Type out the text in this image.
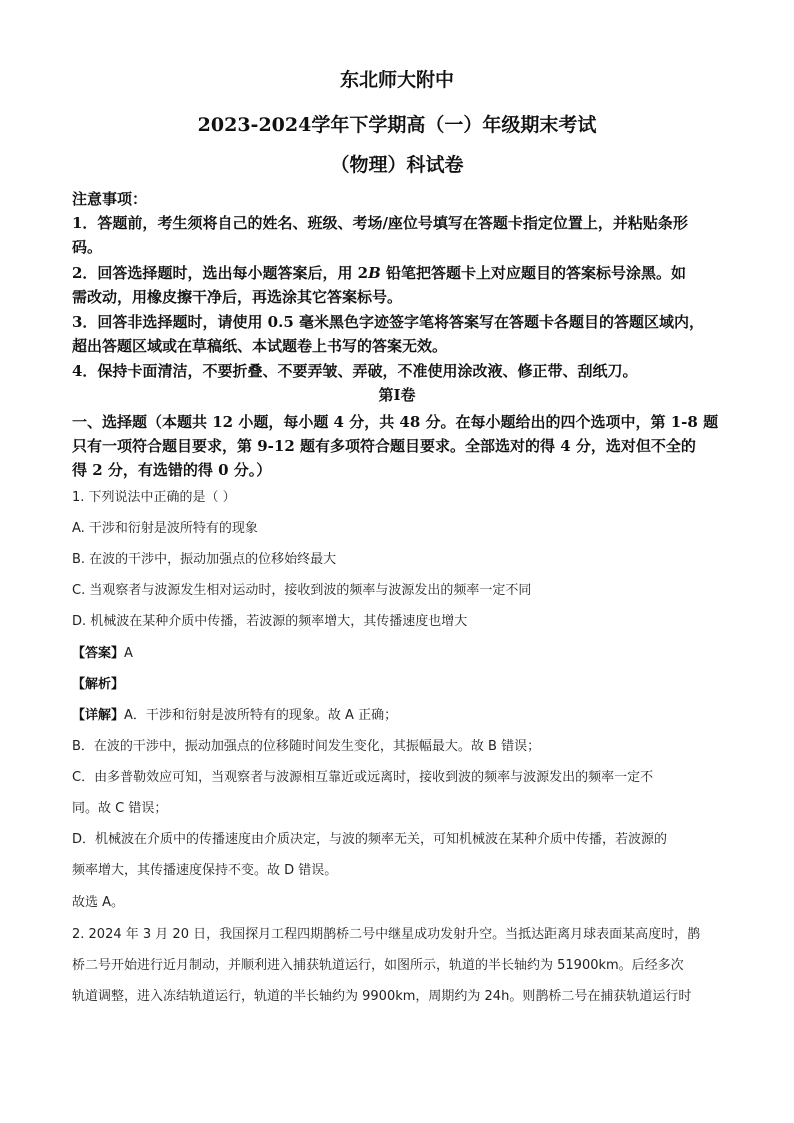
东北师大附中
2023-2024学年下学期高（一）年级期末考试
（物理）科试卷
注意事项：
1．答题前，考生须将自己的姓名、班级、考场/座位号填写在答题卡指定位置上，并粘贴条形
码。
2．回答选择题时，选出每小题答案后，用 2B 铅笔把答题卡上对应题目的答案标号涂黑。如
需改动，用橡皮擦干净后，再选涂其它答案标号。
3．回答非选择题时，请使用 0.5 毫米黑色字迹签字笔将答案写在答题卡各题目的答题区域内，
超出答题区域或在草稿纸、本试题卷上书写的答案无效。
4．保持卡面清洁，不要折叠、不要弄皱、弄破，不准使用涂改液、修正带、刮纸刀。
第Ⅰ卷
一、选择题（本题共 12 小题，每小题 4 分，共 48 分。在每小题给出的四个选项中，第 1-8 题
只有一项符合题目要求，第 9-12 题有多项符合题目要求。全部选对的得 4 分，选对但不全的
得 2 分，有选错的得 0 分。）
1. 下列说法中正确的是（ ）
A. 干涉和衍射是波所特有的现象
B. 在波的干涉中，振动加强点的位移始终最大
C. 当观察者与波源发生相对运动时，接收到波的频率与波源发出的频率一定不同
D. 机械波在某种介质中传播，若波源的频率增大，其传播速度也增大
【答案】A
【解析】
【详解】A．干涉和衍射是波所特有的现象。故 A 正确；
B．在波的干涉中，振动加强点的位移随时间发生变化，其振幅最大。故 B 错误；
C．由多普勒效应可知，当观察者与波源相互靠近或远离时，接收到波的频率与波源发出的频率一定不
同。故 C 错误；
D．机械波在介质中的传播速度由介质决定，与波的频率无关，可知机械波在某种介质中传播，若波源的
频率增大，其传播速度保持不变。故 D 错误。
故选 A。
2. 2024 年 3 月 20 日，我国探月工程四期鹊桥二号中继星成功发射升空。当抵达距离月球表面某高度时，鹊
桥二号开始进行近月制动，并顺利进入捕获轨道运行，如图所示，轨道的半长轴约为 51900km。后经多次
轨道调整，进入冻结轨道运行，轨道的半长轴约为 9900km，周期约为 24h。则鹊桥二号在捕获轨道运行时
